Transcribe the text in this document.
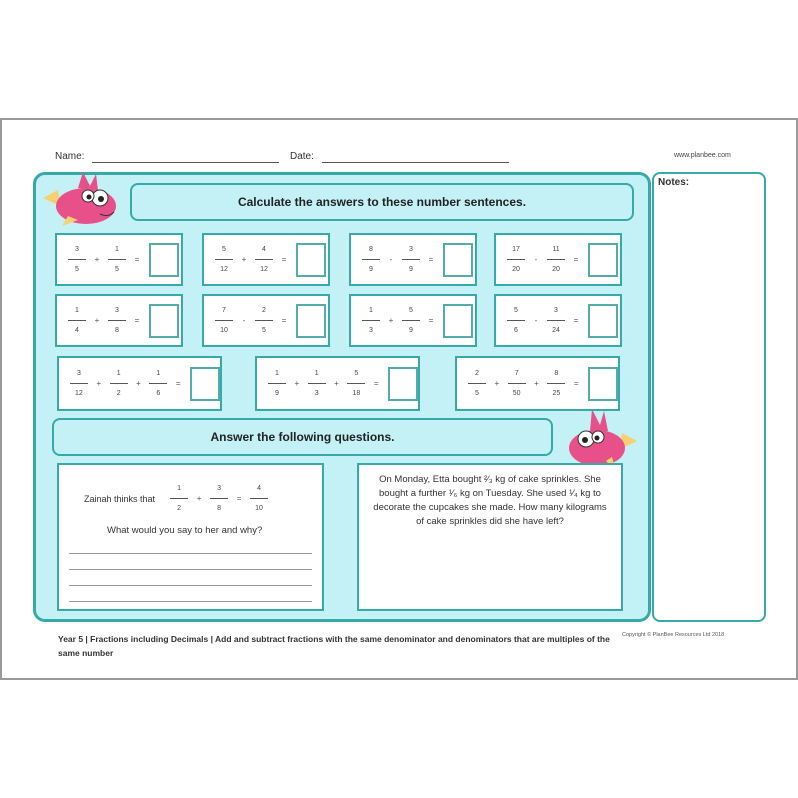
Name:	Date:	www.planbee.com
Notes:
Calculate the answers to these number sentences.
Answer the following questions.
$\frac{3}{5} + \frac{1}{5}$ =	$\frac{5}{12} + \frac{4}{12}$ =	$\frac{8}{9}$	-	$\frac{3}{9}$ =	$\frac{17}{20}$	-	$\frac{11}{20}$ =
$\frac{1}{4} + \frac{3}{8}$ =	$\frac{7}{10}$	-	$\frac{2}{5}$ =	$\frac{1}{3} + \frac{5}{9}$ =	$\frac{5}{6}$	-	$\frac{3}{24}$ =
$\frac{3}{12} + \frac{1}{2} + \frac{1}{6}$ =	$\frac{1}{9} + \frac{1}{3} + \frac{5}{18}$ =	$\frac{2}{5} + \frac{7}{50} + \frac{8}{25}$ =
Zainah thinks that $\frac{1}{2} + \frac{3}{8} = \frac{4}{10}$
What would you say to her and why?

On Monday, Etta bought ²⁄₃ kg of cake sprinkles. She bought a further ¹⁄₆ kg on Tuesday. She used ¹⁄₄ kg to decorate the cupcakes she made. How many kilograms of cake sprinkles did she have left?

Year 5 | Fractions including Decimals | Add and subtract fractions with the same denominator and denominators that are multiples of the same number

Copyright © PlanBee Resources Ltd 2018
